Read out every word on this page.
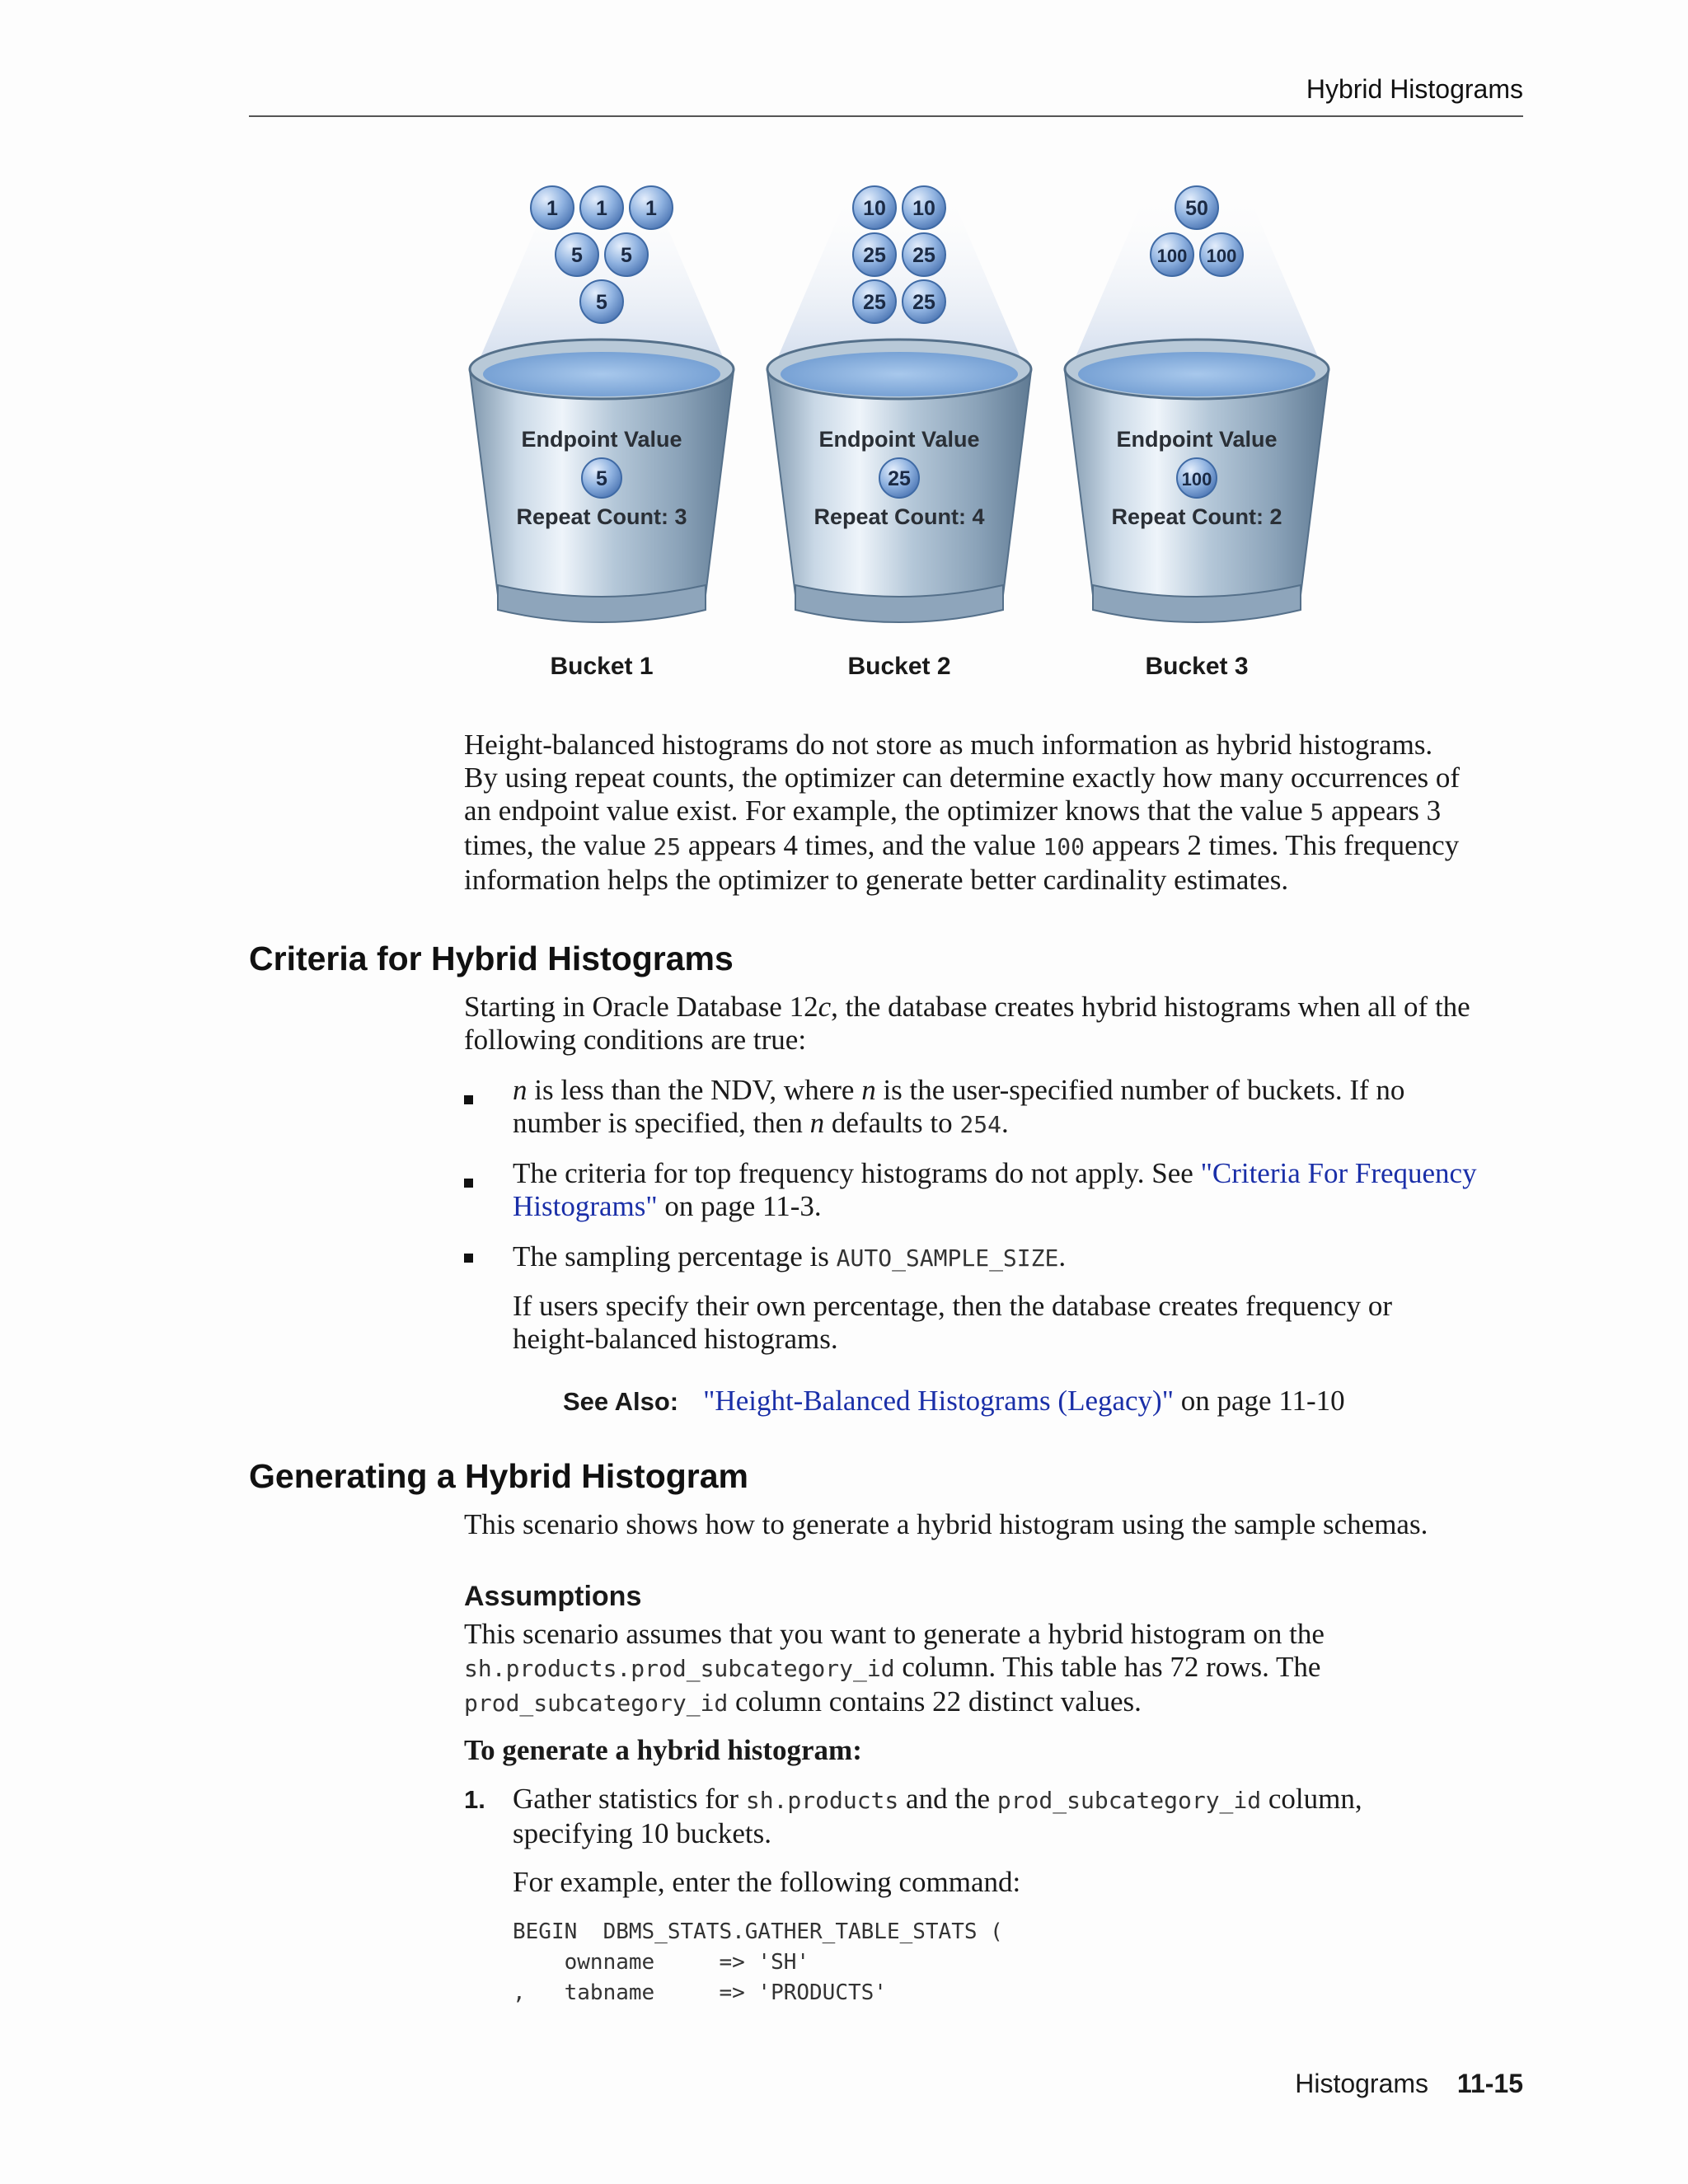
Hybrid Histograms
Endpoint Value
5
Repeat Count: 3
1 1 1
5 5
5
Endpoint Value
25
Repeat Count: 4
10 10
25 25
25 25
Endpoint Value
100
Repeat Count: 2
50
100 100
Bucket 1	Bucket 2	Bucket 3
Height-balanced histograms do not store as much information as hybrid histograms.
By using repeat counts, the optimizer can determine exactly how many occurrences of
an endpoint value exist. For example, the optimizer knows that the value 5 appears 3
times, the value 25 appears 4 times, and the value 100 appears 2 times. This frequency
information helps the optimizer to generate better cardinality estimates.
Criteria for Hybrid Histograms
Starting in Oracle Database 12c, the database creates hybrid histograms when all of the
following conditions are true:
n is less than the NDV, where n is the user-specified number of buckets. If no
number is specified, then n defaults to 254.
The criteria for top frequency histograms do not apply. See "Criteria For Frequency
Histograms" on page 11-3.
The sampling percentage is AUTO_SAMPLE_SIZE.
If users specify their own percentage, then the database creates frequency or
height-balanced histograms.
See Also: "Height-Balanced Histograms (Legacy)" on page 11-10
Generating a Hybrid Histogram
This scenario shows how to generate a hybrid histogram using the sample schemas.
Assumptions
This scenario assumes that you want to generate a hybrid histogram on the
sh.products.prod_subcategory_id column. This table has 72 rows. The
prod_subcategory_id column contains 22 distinct values.
To generate a hybrid histogram:
1. Gather statistics for sh.products and the prod_subcategory_id column,
specifying 10 buckets.
For example, enter the following command:
BEGIN  DBMS_STATS.GATHER_TABLE_STATS (
ownname     => 'SH'
,   tabname     => 'PRODUCTS'
Histograms 11-15
